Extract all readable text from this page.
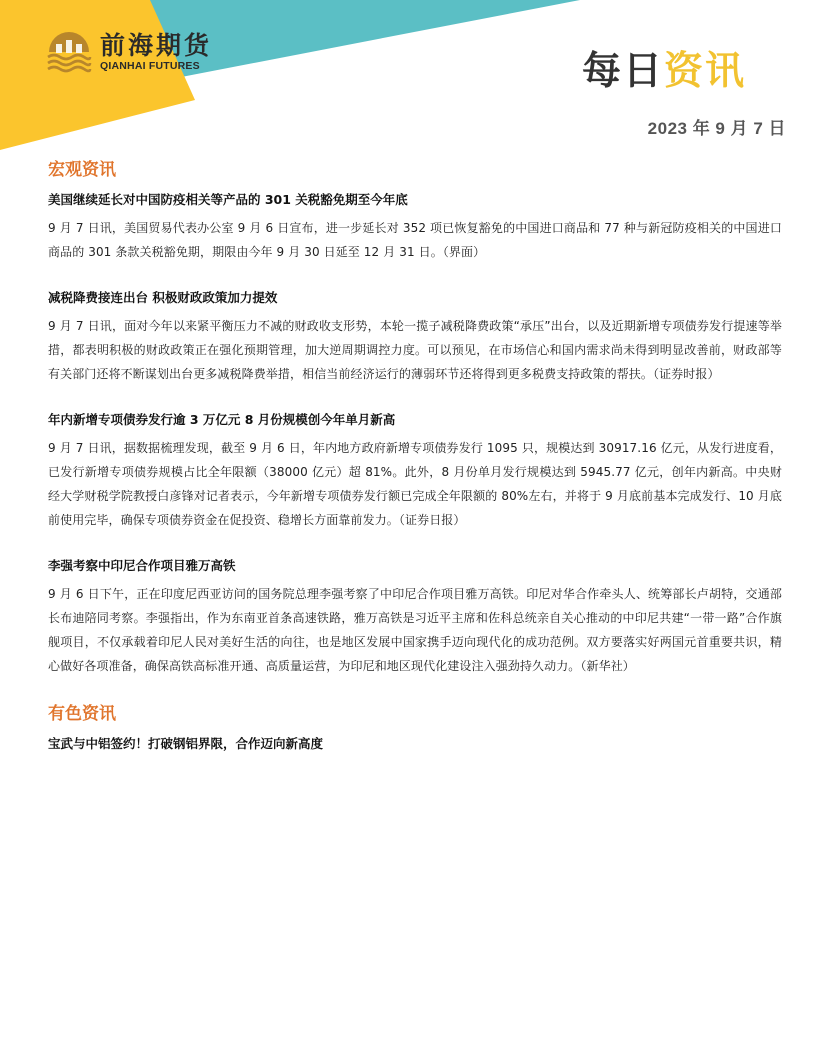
前海期货
QIANHAI FUTURES	每日资讯
2023 年 9 月 7 日
宏观资讯
美国继续延长对中国防疫相关等产品的 301 关税豁免期至今年底
9 月 7 日讯，美国贸易代表办公室 9 月 6 日宣布，进一步延长对 352 项已恢复豁免的中国进口商品和 77 种与新冠防疫相关的中国进口商品的 301 条款关税豁免期，期限由今年 9 月 30 日延至 12 月 31 日。（界面）
减税降费接连出台 积极财政政策加力提效
9 月 7 日讯，面对今年以来紧平衡压力不减的财政收支形势，本轮一揽子减税降费政策“承压”出台，以及近期新增专项债券发行提速等举措，都表明积极的财政政策正在强化预期管理，加大逆周期调控力度。可以预见，在市场信心和国内需求尚未得到明显改善前，财政部等有关部门还将不断谋划出台更多减税降费举措，相信当前经济运行的薄弱环节还将得到更多税费支持政策的帮扶。（证券时报）
年内新增专项债券发行逾 3 万亿元 8 月份规模创今年单月新高
9 月 7 日讯，据数据梳理发现，截至 9 月 6 日，年内地方政府新增专项债券发行 1095 只，规模达到 30917.16 亿元，从发行进度看，已发行新增专项债券规模占比全年限额（38000 亿元）超 81%。此外，8 月份单月发行规模达到 5945.77 亿元，创年内新高。中央财经大学财税学院教授白彦锋对记者表示，今年新增专项债券发行额已完成全年限额的 80%左右，并将于 9 月底前基本完成发行、10 月底前使用完毕，确保专项债券资金在促投资、稳增长方面靠前发力。（证券日报）
李强考察中印尼合作项目雅万高铁
9 月 6 日下午，正在印度尼西亚访问的国务院总理李强考察了中印尼合作项目雅万高铁。印尼对华合作牵头人、统筹部长卢胡特，交通部长布迪陪同考察。李强指出，作为东南亚首条高速铁路，雅万高铁是习近平主席和佐科总统亲自关心推动的中印尼共建“一带一路”合作旗舰项目，不仅承载着印尼人民对美好生活的向往，也是地区发展中国家携手迈向现代化的成功范例。双方要落实好两国元首重要共识，精心做好各项准备，确保高铁高标准开通、高质量运营，为印尼和地区现代化建设注入强劲持久动力。（新华社）
有色资讯
宝武与中铝签约！打破钢铝界限，合作迈向新高度
